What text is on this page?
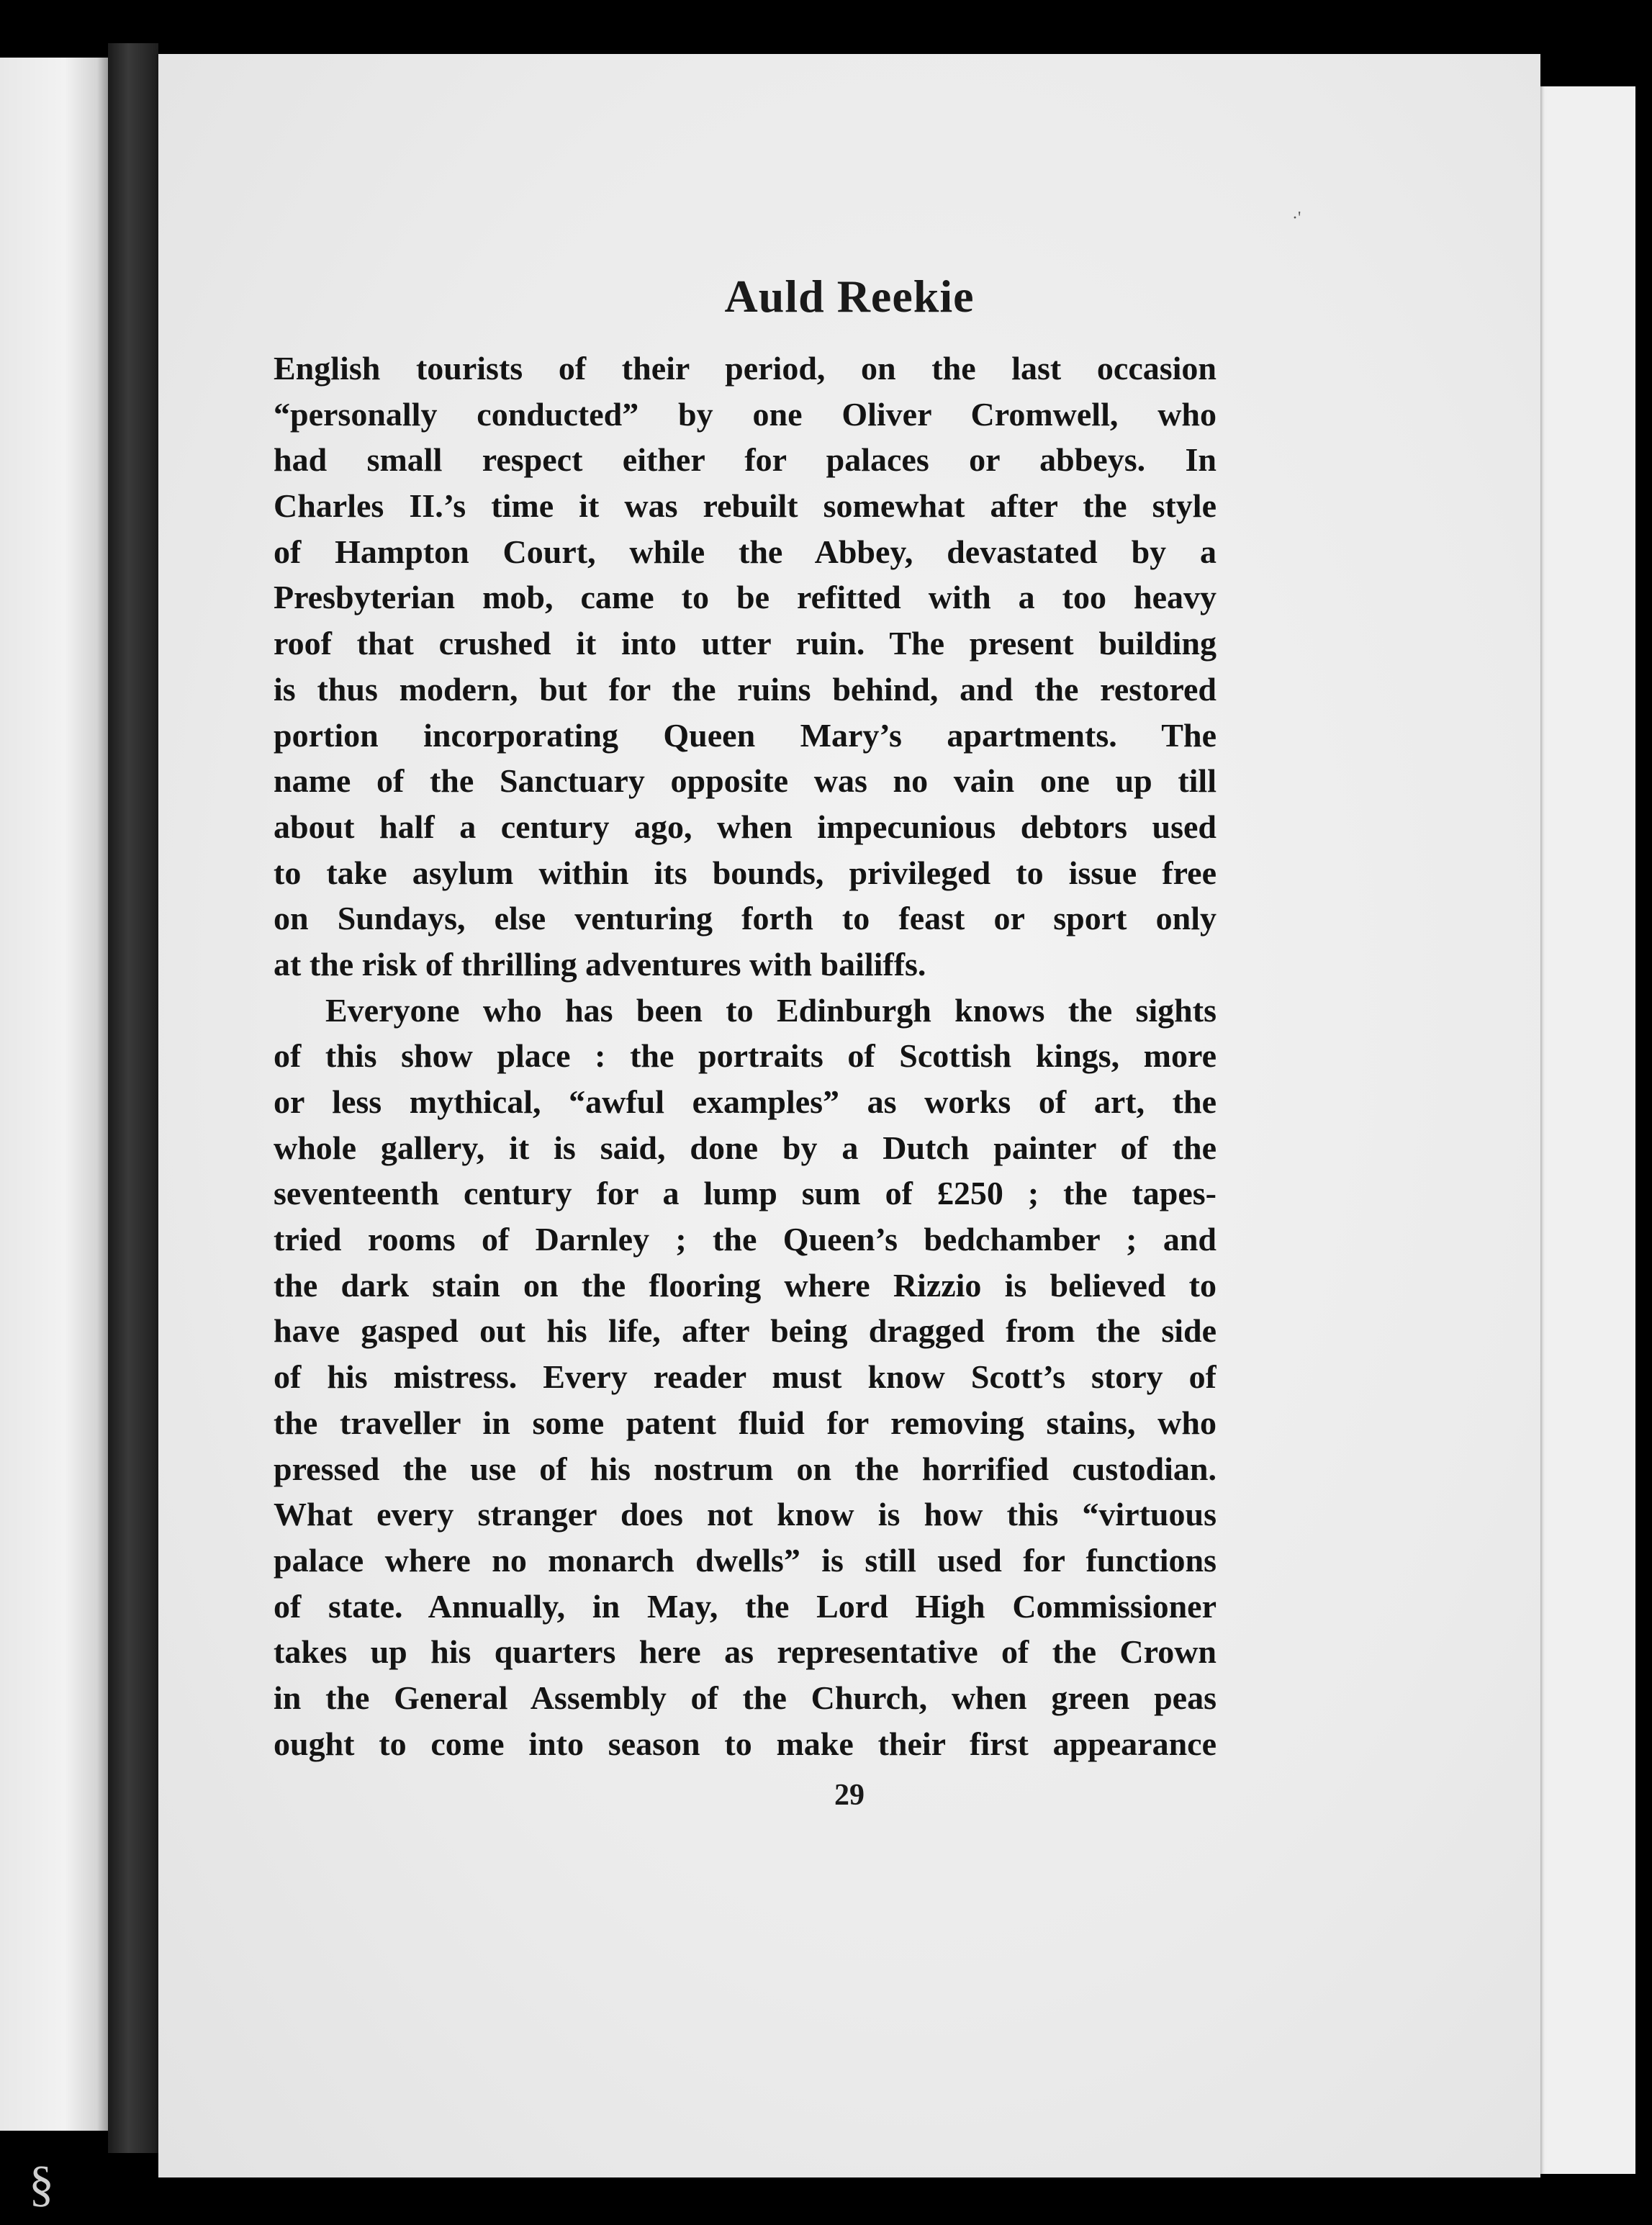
·'
Auld Reekie
English tourists of their period, on the last occasion
“personally conducted” by one Oliver Cromwell, who
had small respect either for palaces or abbeys. In
Charles II.’s time it was rebuilt somewhat after the style
of Hampton Court, while the Abbey, devastated by a
Presbyterian mob, came to be refitted with a too heavy
roof that crushed it into utter ruin. The present building
is thus modern, but for the ruins behind, and the restored
portion incorporating Queen Mary’s apartments. The
name of the Sanctuary opposite was no vain one up till
about half a century ago, when impecunious debtors used
to take asylum within its bounds, privileged to issue free
on Sundays, else venturing forth to feast or sport only
at the risk of thrilling adventures with bailiffs.
Everyone who has been to Edinburgh knows the sights
of this show place : the portraits of Scottish kings, more
or less mythical, “awful examples” as works of art, the
whole gallery, it is said, done by a Dutch painter of the
seventeenth century for a lump sum of £250 ; the tapes-
tried rooms of Darnley ; the Queen’s bedchamber ; and
the dark stain on the flooring where Rizzio is believed to
have gasped out his life, after being dragged from the side
of his mistress. Every reader must know Scott’s story of
the traveller in some patent fluid for removing stains, who
pressed the use of his nostrum on the horrified custodian.
What every stranger does not know is how this “virtuous
palace where no monarch dwells” is still used for functions
of state. Annually, in May, the Lord High Commissioner
takes up his quarters here as representative of the Crown
in the General Assembly of the Church, when green peas
ought to come into season to make their first appearance
29
§
